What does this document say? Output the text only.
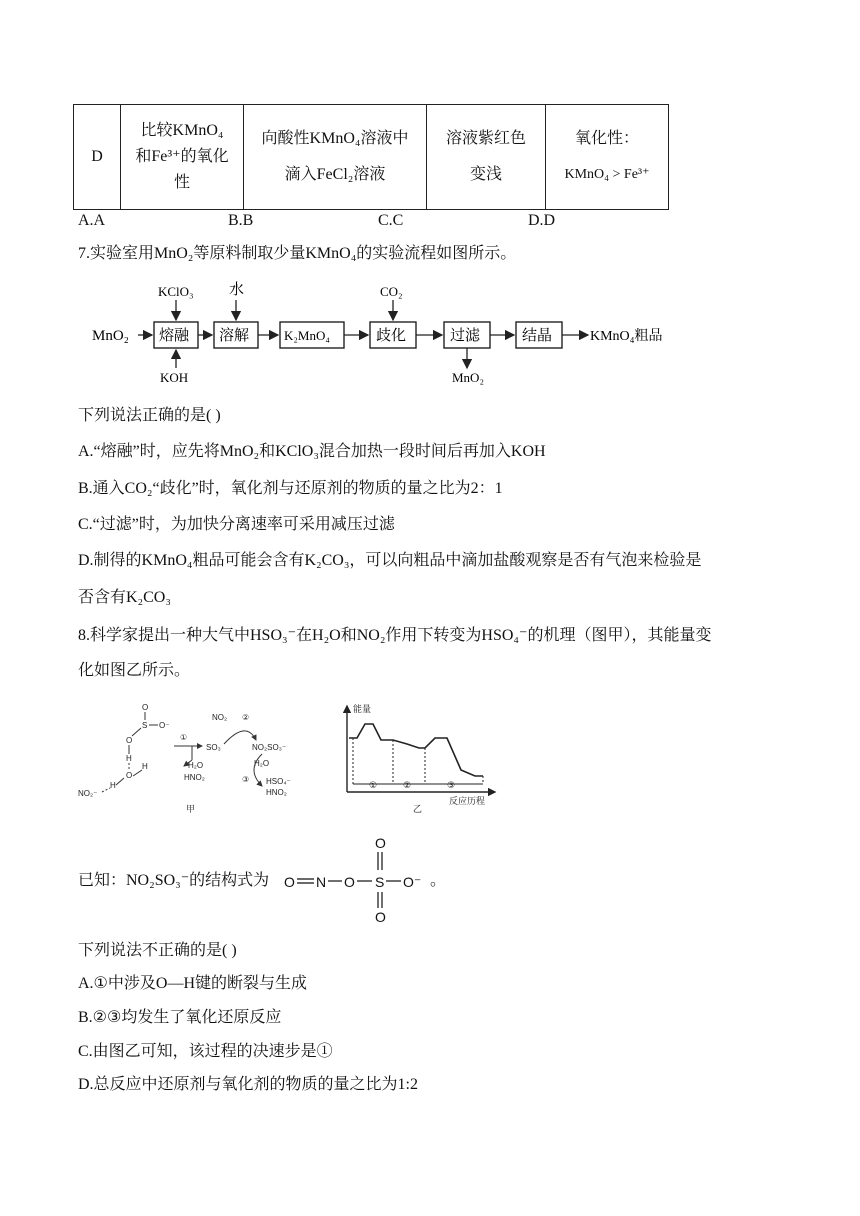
D	
比较KMnO₄
和Fe³⁺的氧化
性

向酸性KMnO₄溶液中
滴入FeCl₂溶液

溶液紫红色
变浅

氧化性：
KMnO₄ > Fe³⁺
A.A	B.B	C.C	D.D
7.实验室用MnO₂等原料制取少量KMnO₄的实验流程如图所示。
MnO₂ 熔融 溶解	K₂MnO₄	歧化	过滤	结晶	KMnO₄粗品
KClO₃
KOH
水	CO₂
MnO₂
下列说法正确的是( )
A.“熔融”时，应先将MnO₂和KClO₃混合加热一段时间后再加入KOH
B.通入CO₂“歧化”时，氧化剂与还原剂的物质的量之比为2：1
C.“过滤”时，为加快分离速率可采用减压过滤
D.制得的KMnO₄粗品可能会含有K₂CO₃，可以向粗品中滴加盐酸观察是否有气泡来检验是
否含有K₂CO₃
8.科学家提出一种大气中HSO₃⁻在H₂O和NO₂作用下转变为HSO₄⁻的机理（图甲），其能量变
化如图乙所示。
O
S O⁻
O
H
O
H
NO₂⁻
H
①
SO₃
H₂O
HNO₂
NO₂ ②
NO₂SO₃⁻
H₂O
③ HSO₄⁻
HNO₂
甲
能量
反应历程
①	②	③
乙
已知：NO₂SO₃⁻的结构式为 O N O S O⁻
O
O
。
下列说法不正确的是( )
A.①中涉及O—H键的断裂与生成
B.②③均发生了氧化还原反应
C.由图乙可知，该过程的决速步是①
D.总反应中还原剂与氧化剂的物质的量之比为1:2
